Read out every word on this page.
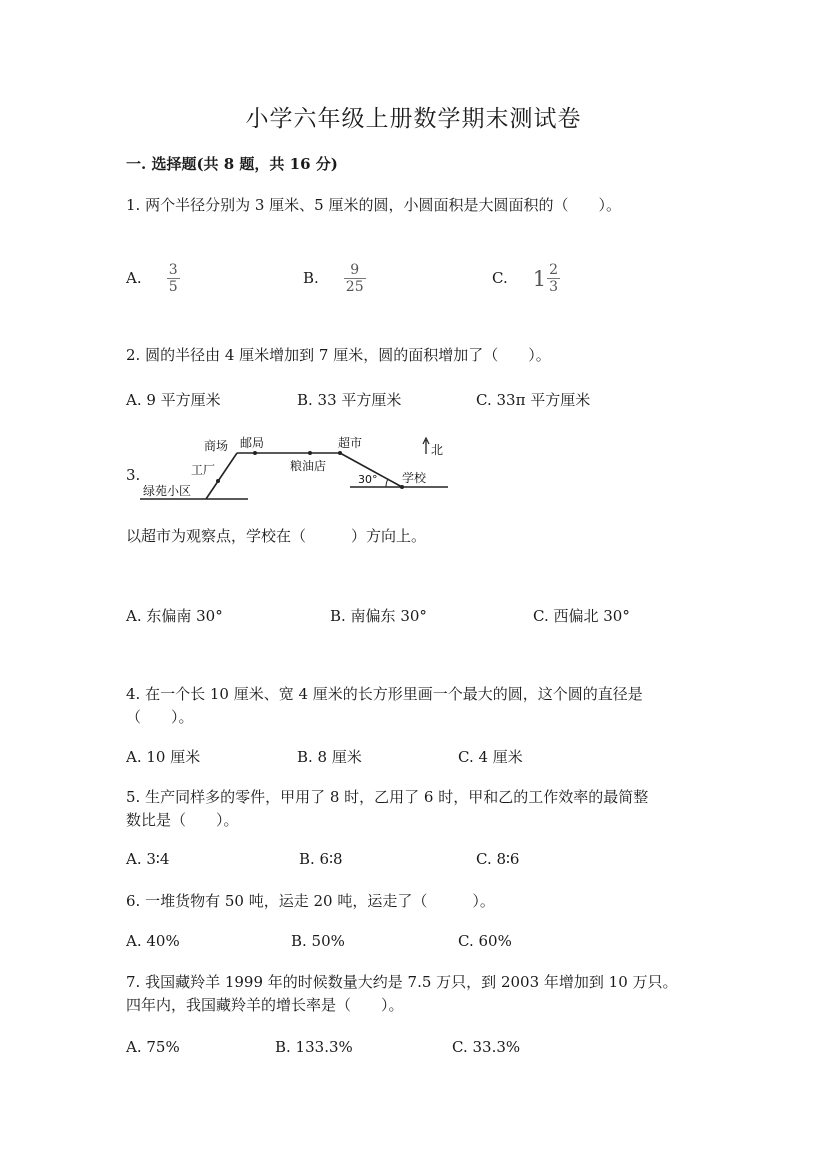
小学六年级上册数学期末测试卷
一. 选择题(共 8 题，共 16 分)
1. 两个半径分别为 3 厘米、5 厘米的圆，小圆面积是大圆面积的（　　）。
A. $\frac{3}{5}$	B. $\frac{9}{25}$	C. $1 \frac{2}{3}$
2. 圆的半径由 4 厘米增加到 7 厘米，圆的面积增加了（　　）。
A. 9 平方厘米	B. 33 平方厘米	C. 33π 平方厘米
3.
商场 邮局	超市
粮油店
工厂
绿苑小区
学校
30°
北
以超市为观察点，学校在（　　　）方向上。
A. 东偏南 30°	B. 南偏东 30°	C. 西偏北 30°
4. 在一个长 10 厘米、宽 4 厘米的长方形里画一个最大的圆，这个圆的直径是
（　　）。
A. 10 厘米	B. 8 厘米	C. 4 厘米
5. 生产同样多的零件，甲用了 8 时，乙用了 6 时，甲和乙的工作效率的最简整
数比是（　　）。
A. 3∶4	B. 6∶8	C. 8∶6
6. 一堆货物有 50 吨，运走 20 吨，运走了（　　　）。
A. 40%	B. 50%	C. 60%
7. 我国藏羚羊 1999 年的时候数量大约是 7.5 万只，到 2003 年增加到 10 万只。
四年内，我国藏羚羊的增长率是（　　）。
A. 75%	B. 133.3%	C. 33.3%
